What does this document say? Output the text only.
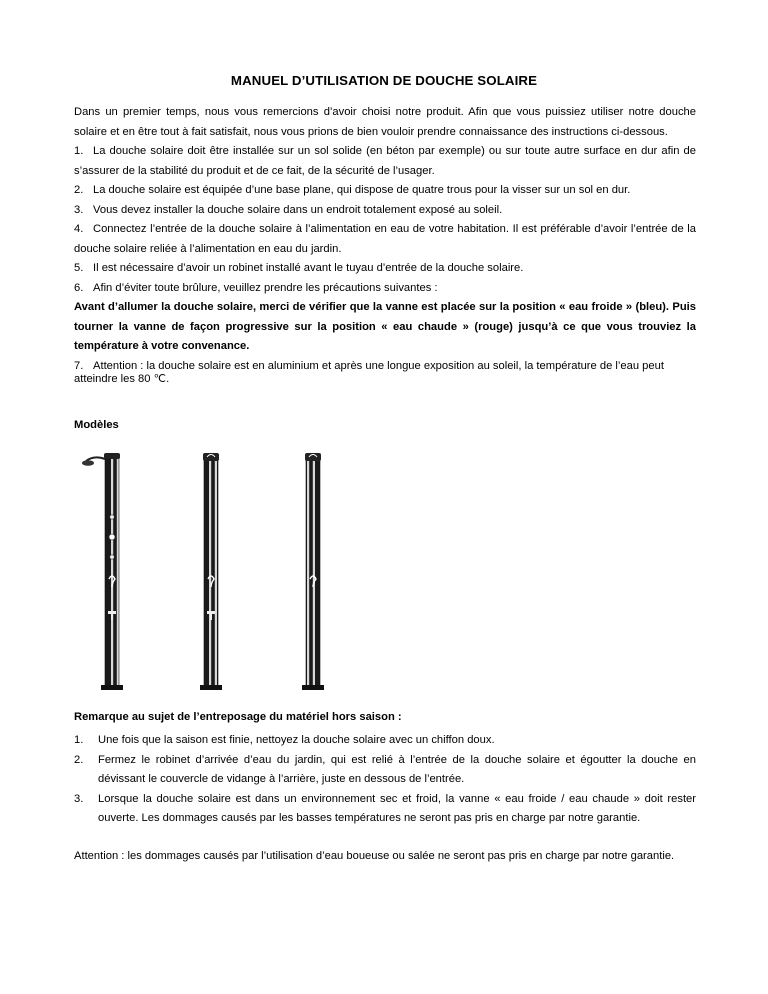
MANUEL D’UTILISATION DE DOUCHE SOLAIRE
Dans un premier temps, nous vous remercions d’avoir choisi notre produit. Afin que vous puissiez utiliser notre douche solaire et en être tout à fait satisfait, nous vous prions de bien vouloir prendre connaissance des instructions ci-dessous.
1. La douche solaire doit être installée sur un sol solide (en béton par exemple) ou sur toute autre surface en dur afin de s’assurer de la stabilité du produit et de ce fait, de la sécurité de l’usager.
2. La douche solaire est équipée d’une base plane, qui dispose de quatre trous pour la visser sur un sol en dur.
3. Vous devez installer la douche solaire dans un endroit totalement exposé au soleil.
4. Connectez l’entrée de la douche solaire à l’alimentation en eau de votre habitation. Il est préférable d’avoir l’entrée de la douche solaire reliée à l’alimentation en eau du jardin.
5. Il est nécessaire d’avoir un robinet installé avant le tuyau d’entrée de la douche solaire.
6. Afin d’éviter toute brûlure, veuillez prendre les précautions suivantes :
Avant d’allumer la douche solaire, merci de vérifier que la vanne est placée sur la position « eau froide » (bleu). Puis tourner la vanne de façon progressive sur la position « eau chaude » (rouge) jusqu’à ce que vous trouviez la température à votre convenance.
7. Attention : la douche solaire est en aluminium et après une longue exposition au soleil, la température de l’eau peut
atteindre les 80 ℃.
Modèles
Remarque au sujet de l’entreposage du matériel hors saison :
1.	Une fois que la saison est finie, nettoyez la douche solaire avec un chiffon doux.
2.	Fermez le robinet d’arrivée d’eau du jardin, qui est relié à l’entrée de la douche solaire et égoutter la douche en dévissant le couvercle de vidange à l’arrière, juste en dessous de l’entrée.
3.	Lorsque la douche solaire est dans un environnement sec et froid, la vanne « eau froide / eau chaude » doit rester ouverte. Les dommages causés par les basses températures ne seront pas pris en charge par notre garantie.
Attention : les dommages causés par l’utilisation d’eau boueuse ou salée ne seront pas pris en charge par notre garantie.
